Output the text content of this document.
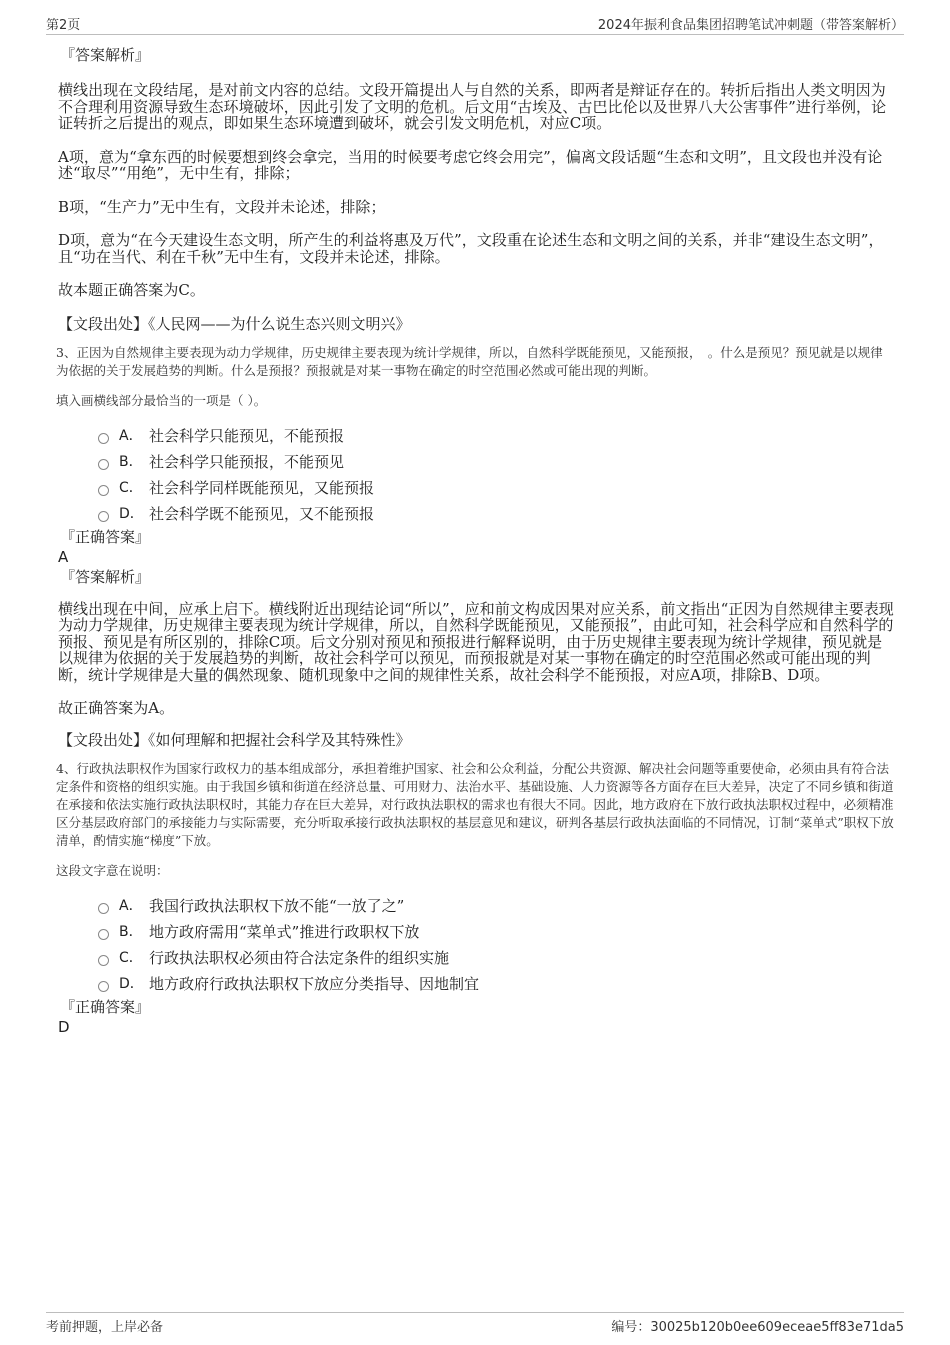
第2页	2024年振利食品集团招聘笔试冲刺题（带答案解析）

『答案解析』

横线出现在文段结尾，是对前文内容的总结。文段开篇提出人与自然的关系，即两者是辩证存在的。转折后指出人类文明因为不合理利用资源导致生态环境破坏，因此引发了文明的危机。后文用“古埃及、古巴比伦以及世界八大公害事件”进行举例，论证转折之后提出的观点，即如果生态环境遭到破坏，就会引发文明危机，对应C项。

A项，意为“拿东西的时候要想到终会拿完，当用的时候要考虑它终会用完”，偏离文段话题“生态和文明”，且文段也并没有论述“取尽”“用绝”，无中生有，排除；

B项，“生产力”无中生有，文段并未论述，排除；

D项，意为“在今天建设生态文明，所产生的利益将惠及万代”，文段重在论述生态和文明之间的关系，并非“建设生态文明”，且“功在当代、利在千秋”无中生有，文段并未论述，排除。

故本题正确答案为C。

【文段出处】《人民网——为什么说生态兴则文明兴》

3、正因为自然规律主要表现为动力学规律，历史规律主要表现为统计学规律，所以，自然科学既能预见，又能预报，　。什么是预见？预见就是以规律为依据的关于发展趋势的判断。什么是预报？预报就是对某一事物在确定的时空范围必然或可能出现的判断。

填入画横线部分最恰当的一项是（ ）。

A． 社会科学只能预见，不能预报
B． 社会科学只能预报，不能预见
C． 社会科学同样既能预见，又能预报
D． 社会科学既不能预见，又不能预报

『正确答案』

A

『答案解析』

横线出现在中间，应承上启下。横线附近出现结论词“所以”，应和前文构成因果对应关系，前文指出“正因为自然规律主要表现为动力学规律，历史规律主要表现为统计学规律，所以，自然科学既能预见，又能预报”，由此可知，社会科学应和自然科学的预报、预见是有所区别的，排除C项。后文分别对预见和预报进行解释说明，由于历史规律主要表现为统计学规律，预见就是以规律为依据的关于发展趋势的判断，故社会科学可以预见，而预报就是对某一事物在确定的时空范围必然或可能出现的判断，统计学规律是大量的偶然现象、随机现象中之间的规律性关系，故社会科学不能预报，对应A项，排除B、D项。

故正确答案为A。

【文段出处】《如何理解和把握社会科学及其特殊性》

4、行政执法职权作为国家行政权力的基本组成部分，承担着维护国家、社会和公众利益，分配公共资源、解决社会问题等重要使命，必须由具有符合法定条件和资格的组织实施。由于我国乡镇和街道在经济总量、可用财力、法治水平、基础设施、人力资源等各方面存在巨大差异，决定了不同乡镇和街道在承接和依法实施行政执法职权时，其能力存在巨大差异，对行政执法职权的需求也有很大不同。因此，地方政府在下放行政执法职权过程中，必须精准区分基层政府部门的承接能力与实际需要，充分听取承接行政执法职权的基层意见和建议，研判各基层行政执法面临的不同情况，订制“菜单式”职权下放清单，酌情实施“梯度”下放。

这段文字意在说明：

A． 我国行政执法职权下放不能“一放了之”
B． 地方政府需用“菜单式”推进行政职权下放
C． 行政执法职权必须由符合法定条件的组织实施
D． 地方政府行政执法职权下放应分类指导、因地制宜

『正确答案』

D

考前押题，上岸必备	编号：30025b120b0ee609eceae5ff83e71da5
